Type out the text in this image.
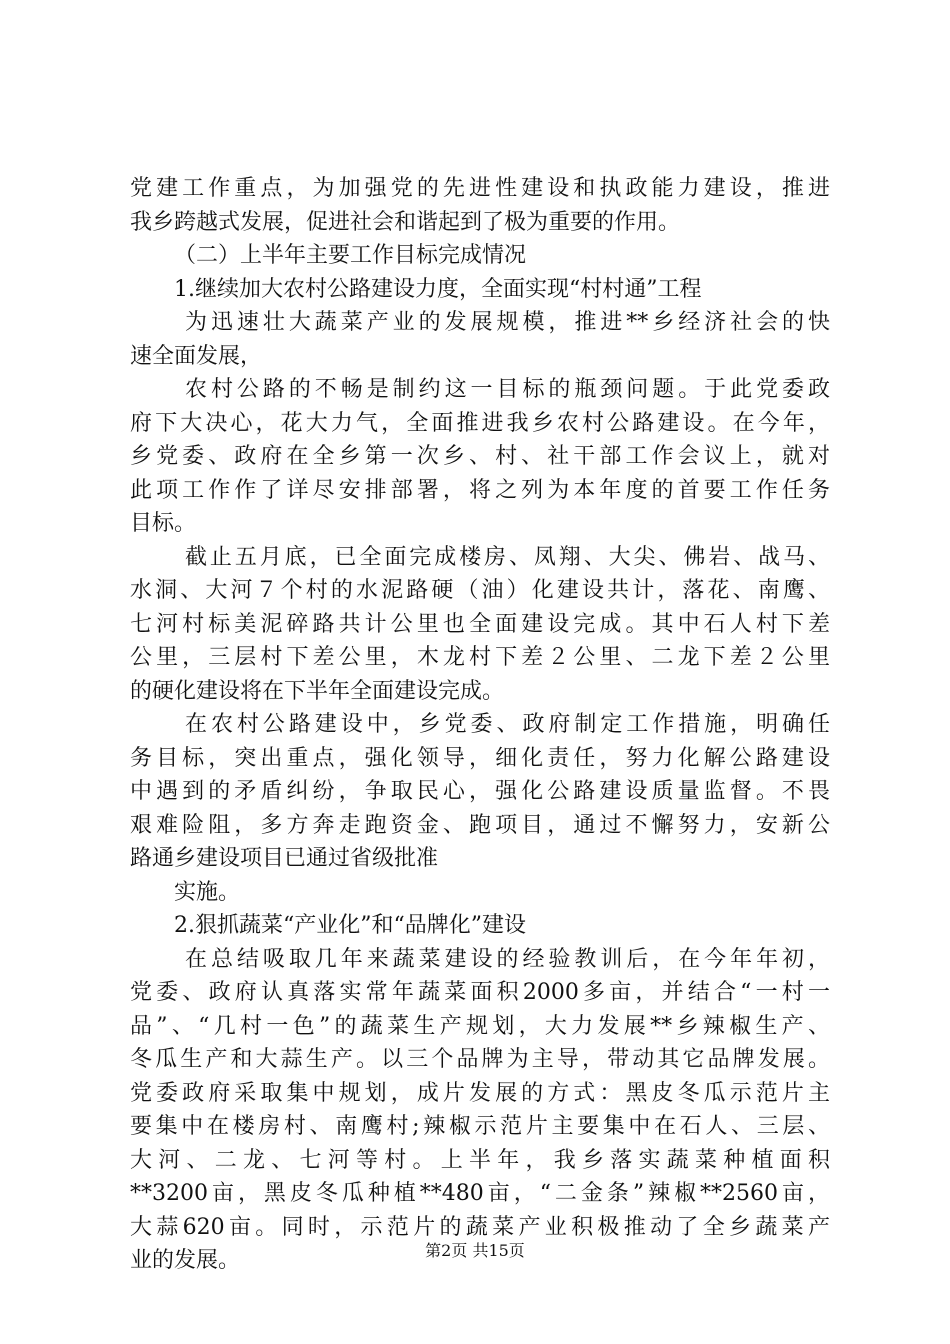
党建工作重点，为加强党的先进性建设和执政能力建设，推进
我乡跨越式发展，促进社会和谐起到了极为重要的作用。
（二）上半年主要工作目标完成情况
1.继续加大农村公路建设力度，全面实现“村村通”工程
为迅速壮大蔬菜产业的发展规模，推进**乡经济社会的快
速全面发展，
农村公路的不畅是制约这一目标的瓶颈问题。于此党委政
府下大决心，花大力气，全面推进我乡农村公路建设。在今年，
乡党委、政府在全乡第一次乡、村、社干部工作会议上，就对
此项工作作了详尽安排部署，将之列为本年度的首要工作任务
目标。
截止五月底，已全面完成楼房、凤翔、大尖、佛岩、战马、
水洞、大河７个村的水泥路硬（油）化建设共计，落花、南鹰、
七河村标美泥碎路共计公里也全面建设完成。其中石人村下差
公里，三层村下差公里，木龙村下差２公里、二龙下差２公里
的硬化建设将在下半年全面建设完成。
在农村公路建设中，乡党委、政府制定工作措施，明确任
务目标，突出重点，强化领导，细化责任，努力化解公路建设
中遇到的矛盾纠纷，争取民心，强化公路建设质量监督。不畏
艰难险阻，多方奔走跑资金、跑项目，通过不懈努力，安新公
路通乡建设项目已通过省级批准
实施。
2.狠抓蔬菜“产业化”和“品牌化”建设
在总结吸取几年来蔬菜建设的经验教训后，在今年年初，
党委、政府认真落实常年蔬菜面积2000多亩，并结合“一村一
品”、“几村一色”的蔬菜生产规划，大力发展**乡辣椒生产、
冬瓜生产和大蒜生产。以三个品牌为主导，带动其它品牌发展。
党委政府采取集中规划，成片发展的方式：黑皮冬瓜示范片主
要集中在楼房村、南鹰村;辣椒示范片主要集中在石人、三层、
大河、二龙、七河等村。上半年，我乡落实蔬菜种植面积
**3200亩，黑皮冬瓜种植**480亩，“二金条”辣椒**2560亩，
大蒜620亩。同时，示范片的蔬菜产业积极推动了全乡蔬菜产
业的发展。	第2页 共15页
